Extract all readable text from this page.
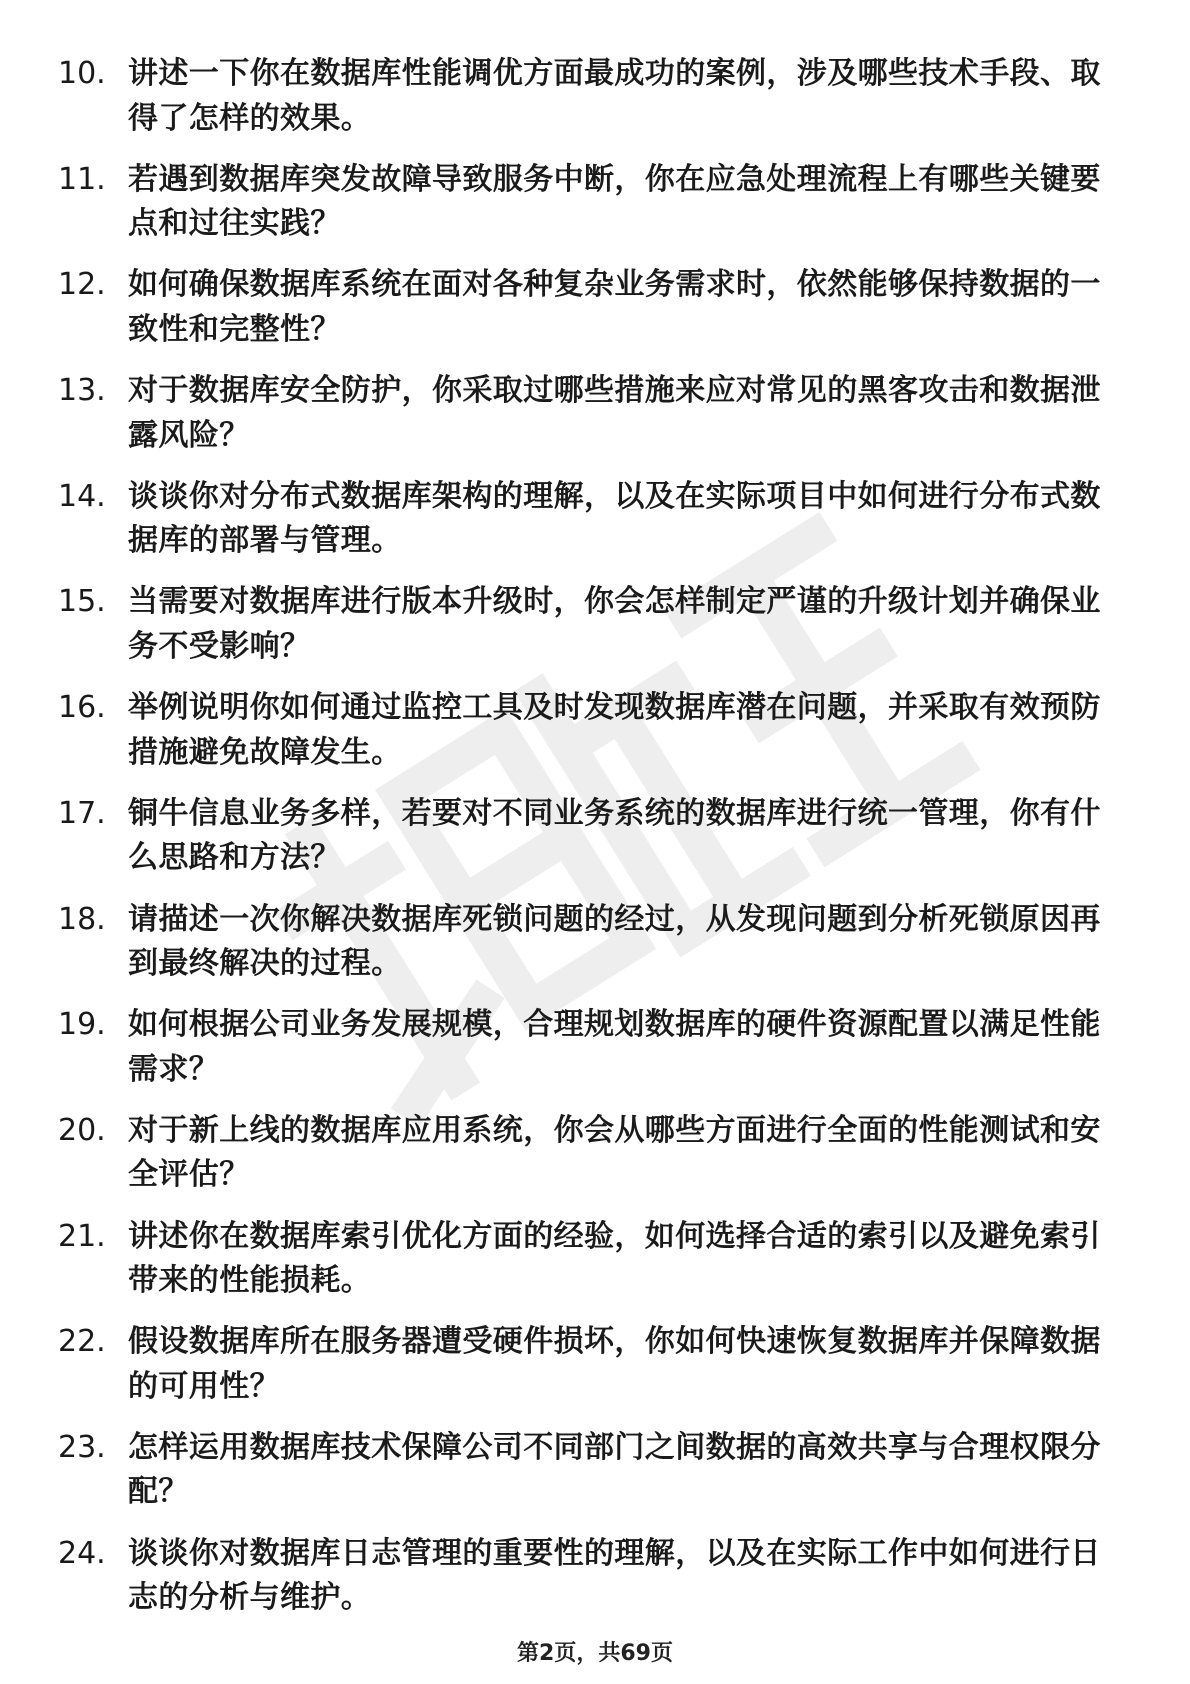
10. 讲述一下你在数据库性能调优方面最成功的案例，涉及哪些技术手段、取得了怎样的效果。
11. 若遇到数据库突发故障导致服务中断，你在应急处理流程上有哪些关键要点和过往实践？
12. 如何确保数据库系统在面对各种复杂业务需求时，依然能够保持数据的一致性和完整性？
13. 对于数据库安全防护，你采取过哪些措施来应对常见的黑客攻击和数据泄露风险？
14. 谈谈你对分布式数据库架构的理解，以及在实际项目中如何进行分布式数据库的部署与管理。
15. 当需要对数据库进行版本升级时，你会怎样制定严谨的升级计划并确保业务不受影响？
16. 举例说明你如何通过监控工具及时发现数据库潜在问题，并采取有效预防措施避免故障发生。
17. 铜牛信息业务多样，若要对不同业务系统的数据库进行统一管理，你有什么思路和方法？
18. 请描述一次你解决数据库死锁问题的经过，从发现问题到分析死锁原因再到最终解决的过程。
19. 如何根据公司业务发展规模，合理规划数据库的硬件资源配置以满足性能需求？
20. 对于新上线的数据库应用系统，你会从哪些方面进行全面的性能测试和安全评估？
21. 讲述你在数据库索引优化方面的经验，如何选择合适的索引以及避免索引带来的性能损耗。
22. 假设数据库所在服务器遭受硬件损坏，你如何快速恢复数据库并保障数据的可用性？
23. 怎样运用数据库技术保障公司不同部门之间数据的高效共享与合理权限分配？
24. 谈谈你对数据库日志管理的重要性的理解，以及在实际工作中如何进行日志的分析与维护。
第2页，共69页
